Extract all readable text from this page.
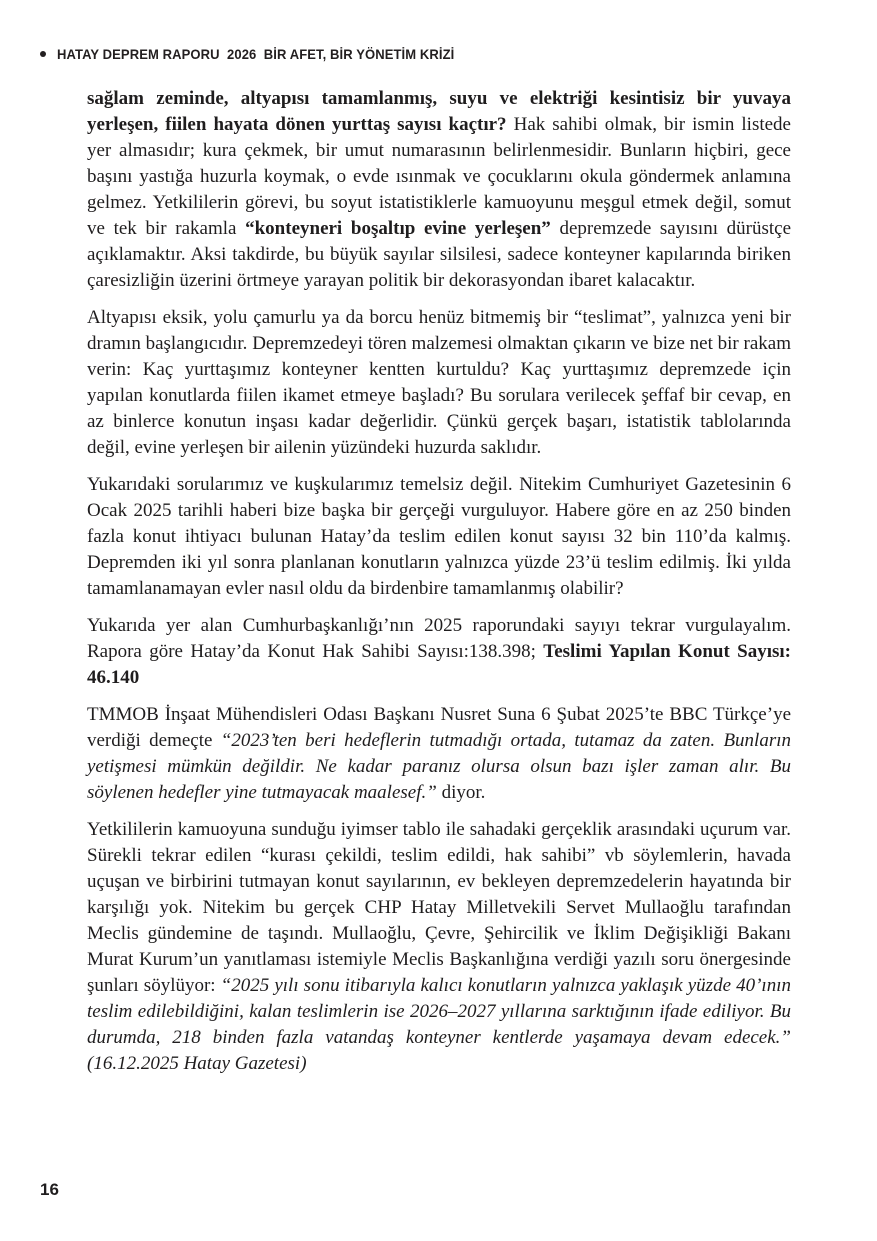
HATAY DEPREM RAPORU  2026  BİR AFET, BİR YÖNETİM KRİZİ

sağlam zeminde, altyapısı tamamlanmış, suyu ve elektriği kesintisiz bir yuvaya yerleşen, fiilen hayata dönen yurttaş sayısı kaçtır? Hak sahibi olmak, bir ismin listede yer almasıdır; kura çekmek, bir umut numarasının belirlenmesidir. Bunların hiçbiri, gece başını yastığa huzurla koymak, o evde ısınmak ve çocuklarını okula göndermek anlamına gelmez. Yetkililerin görevi, bu soyut istatistiklerle kamuoyunu meşgul etmek değil, somut ve tek bir rakamla “konteyneri boşaltıp evine yerleşen” depremzede sayısını dürüstçe açıklamaktır. Aksi takdirde, bu büyük sayılar silsilesi, sadece konteyner kapılarında biriken çaresizliğin üzerini örtmeye yarayan politik bir dekorasyondan ibaret kalacaktır.

Altyapısı eksik, yolu çamurlu ya da borcu henüz bitmemiş bir “teslimat”, yalnızca yeni bir dramın başlangıcıdır. Depremzedeyi tören malzemesi olmaktan çıkarın ve bize net bir rakam verin: Kaç yurttaşımız konteyner kentten kurtuldu? Kaç yurttaşımız depremzede için yapılan konutlarda fiilen ikamet etmeye başladı? Bu sorulara verilecek şeffaf bir cevap, en az binlerce konutun inşası kadar değerlidir. Çünkü gerçek başarı, istatistik tablolarında değil, evine yerleşen bir ailenin yüzündeki huzurda saklıdır.

Yukarıdaki sorularımız ve kuşkularımız temelsiz değil. Nitekim Cumhuriyet Gazetesinin 6 Ocak 2025 tarihli haberi bize başka bir gerçeği vurguluyor. Habere göre en az 250 binden fazla konut ihtiyacı bulunan Hatay’da teslim edilen konut sayısı 32 bin 110’da kalmış. Depremden iki yıl sonra planlanan konutların yalnızca yüzde 23’ü teslim edilmiş. İki yılda tamamlanamayan evler nasıl oldu da birdenbire tamamlanmış olabilir?

Yukarıda yer alan Cumhurbaşkanlığı’nın 2025 raporundaki sayıyı tekrar vurgulayalım. Rapora göre Hatay’da Konut Hak Sahibi Sayısı:138.398; Teslimi Yapılan Konut Sayısı: 46.140

TMMOB İnşaat Mühendisleri Odası Başkanı Nusret Suna 6 Şubat 2025’te BBC Türkçe’ye verdiği demeçte “2023’ten beri hedeflerin tutmadığı ortada, tutamaz da zaten. Bunların yetişmesi mümkün değildir. Ne kadar paranız olursa olsun bazı işler zaman alır. Bu söylenen hedefler yine tutmayacak maalesef.” diyor.

Yetkililerin kamuoyuna sunduğu iyimser tablo ile sahadaki gerçeklik arasındaki uçurum var. Sürekli tekrar edilen “kurası çekildi, teslim edildi, hak sahibi” vb söylemlerin, havada uçuşan ve birbirini tutmayan konut sayılarının, ev bekleyen depremzedelerin hayatında bir karşılığı yok. Nitekim bu gerçek CHP Hatay Milletvekili Servet Mullaoğlu tarafından Meclis gündemine de taşındı. Mullaoğlu, Çevre, Şehircilik ve İklim Değişikliği Bakanı Murat Kurum’un yanıtlaması istemiyle Meclis Başkanlığına verdiği yazılı soru önergesinde şunları söylüyor: “2025 yılı sonu itibarıyla kalıcı konutların yalnızca yaklaşık yüzde 40’ının teslim edilebildiğini, kalan teslimlerin ise 2026–2027 yıllarına sarktığının ifade ediliyor. Bu durumda, 218 binden fazla vatandaş konteyner kentlerde yaşamaya devam edecek.” (16.12.2025 Hatay Gazetesi)

16
